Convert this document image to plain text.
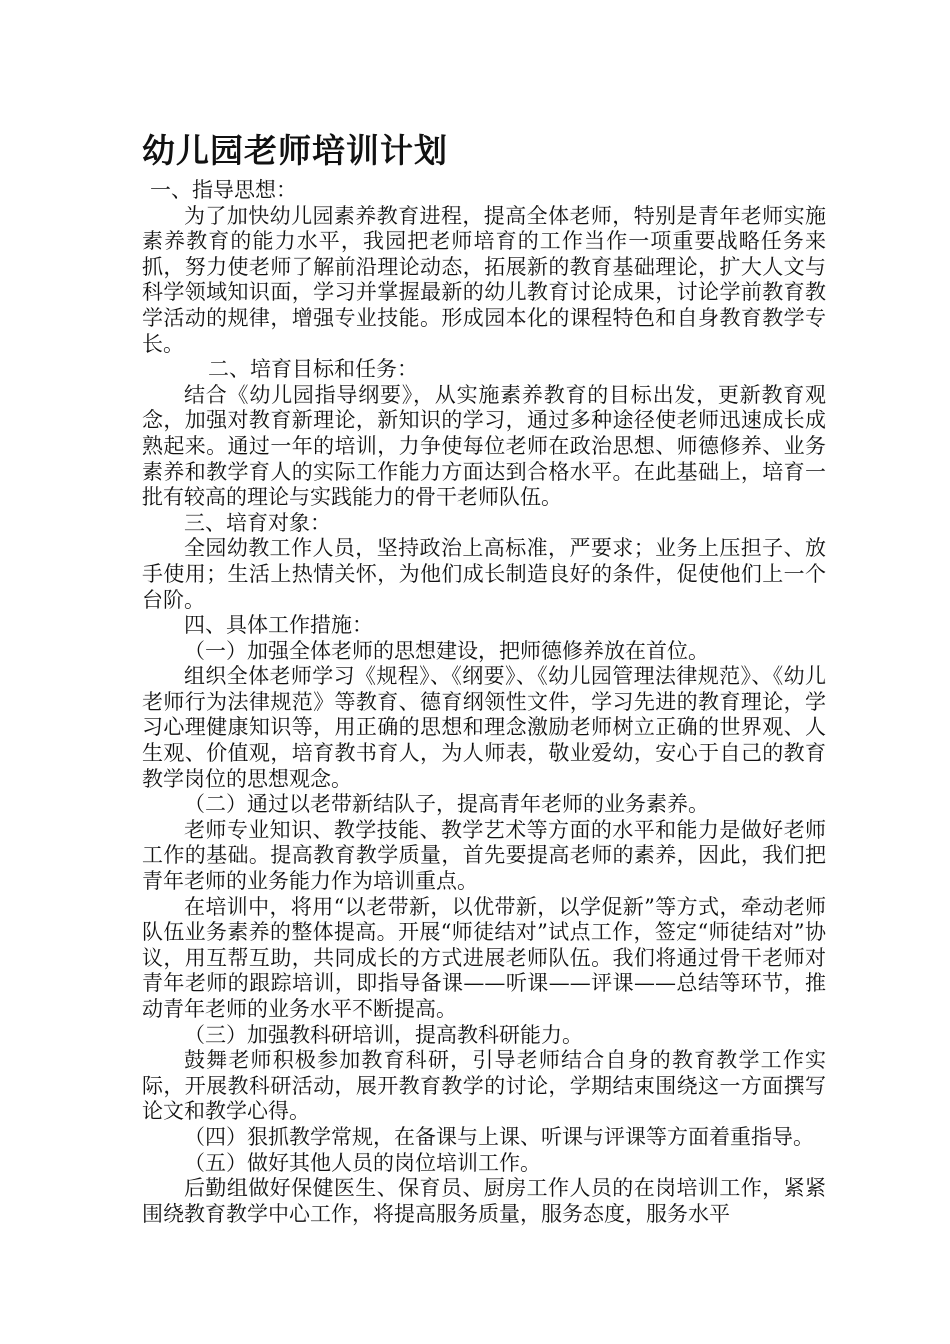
幼儿园老师培训计划

一、指导思想：

为了加快幼儿园素养教育进程，提高全体老师，特别是青年老师实施素养教育的能力水平，我园把老师培育的工作当作一项重要战略任务来抓，努力使老师了解前沿理论动态，拓展新的教育基础理论，扩大人文与科学领域知识面，学习并掌握最新的幼儿教育讨论成果，讨论学前教育教学活动的规律，增强专业技能。形成园本化的课程特色和自身教育教学专长。

二、培育目标和任务：

结合《幼儿园指导纲要》，从实施素养教育的目标出发，更新教育观念，加强对教育新理论，新知识的学习，通过多种途径使老师迅速成长成熟起来。通过一年的培训，力争使每位老师在政治思想、师德修养、业务素养和教学育人的实际工作能力方面达到合格水平。在此基础上，培育一批有较高的理论与实践能力的骨干老师队伍。

三、培育对象：

全园幼教工作人员，坚持政治上高标准，严要求；业务上压担子、放手使用；生活上热情关怀，为他们成长制造良好的条件，促使他们上一个台阶。

四、具体工作措施：

（一）加强全体老师的思想建设，把师德修养放在首位。

组织全体老师学习《规程》、《纲要》、《幼儿园管理法律规范》、《幼儿老师行为法律规范》等教育、德育纲领性文件，学习先进的教育理论，学习心理健康知识等，用正确的思想和理念激励老师树立正确的世界观、人生观、价值观，培育教书育人，为人师表，敬业爱幼，安心于自己的教育教学岗位的思想观念。

（二）通过以老带新结队子，提高青年老师的业务素养。

老师专业知识、教学技能、教学艺术等方面的水平和能力是做好老师工作的基础。提高教育教学质量，首先要提高老师的素养，因此，我们把青年老师的业务能力作为培训重点。

在培训中，将用“以老带新，以优带新，以学促新”等方式，牵动老师队伍业务素养的整体提高。开展“师徒结对”试点工作，签定“师徒结对”协议，用互帮互助，共同成长的方式进展老师队伍。我们将通过骨干老师对青年老师的跟踪培训，即指导备课——听课——评课——总结等环节，推动青年老师的业务水平不断提高。

（三）加强教科研培训，提高教科研能力。

鼓舞老师积极参加教育科研，引导老师结合自身的教育教学工作实际，开展教科研活动，展开教育教学的讨论，学期结束围绕这一方面撰写论文和教学心得。

（四）狠抓教学常规，在备课与上课、听课与评课等方面着重指导。

（五）做好其他人员的岗位培训工作。

后勤组做好保健医生、保育员、厨房工作人员的在岗培训工作，紧紧围绕教育教学中心工作，将提高服务质量，服务态度，服务水平
